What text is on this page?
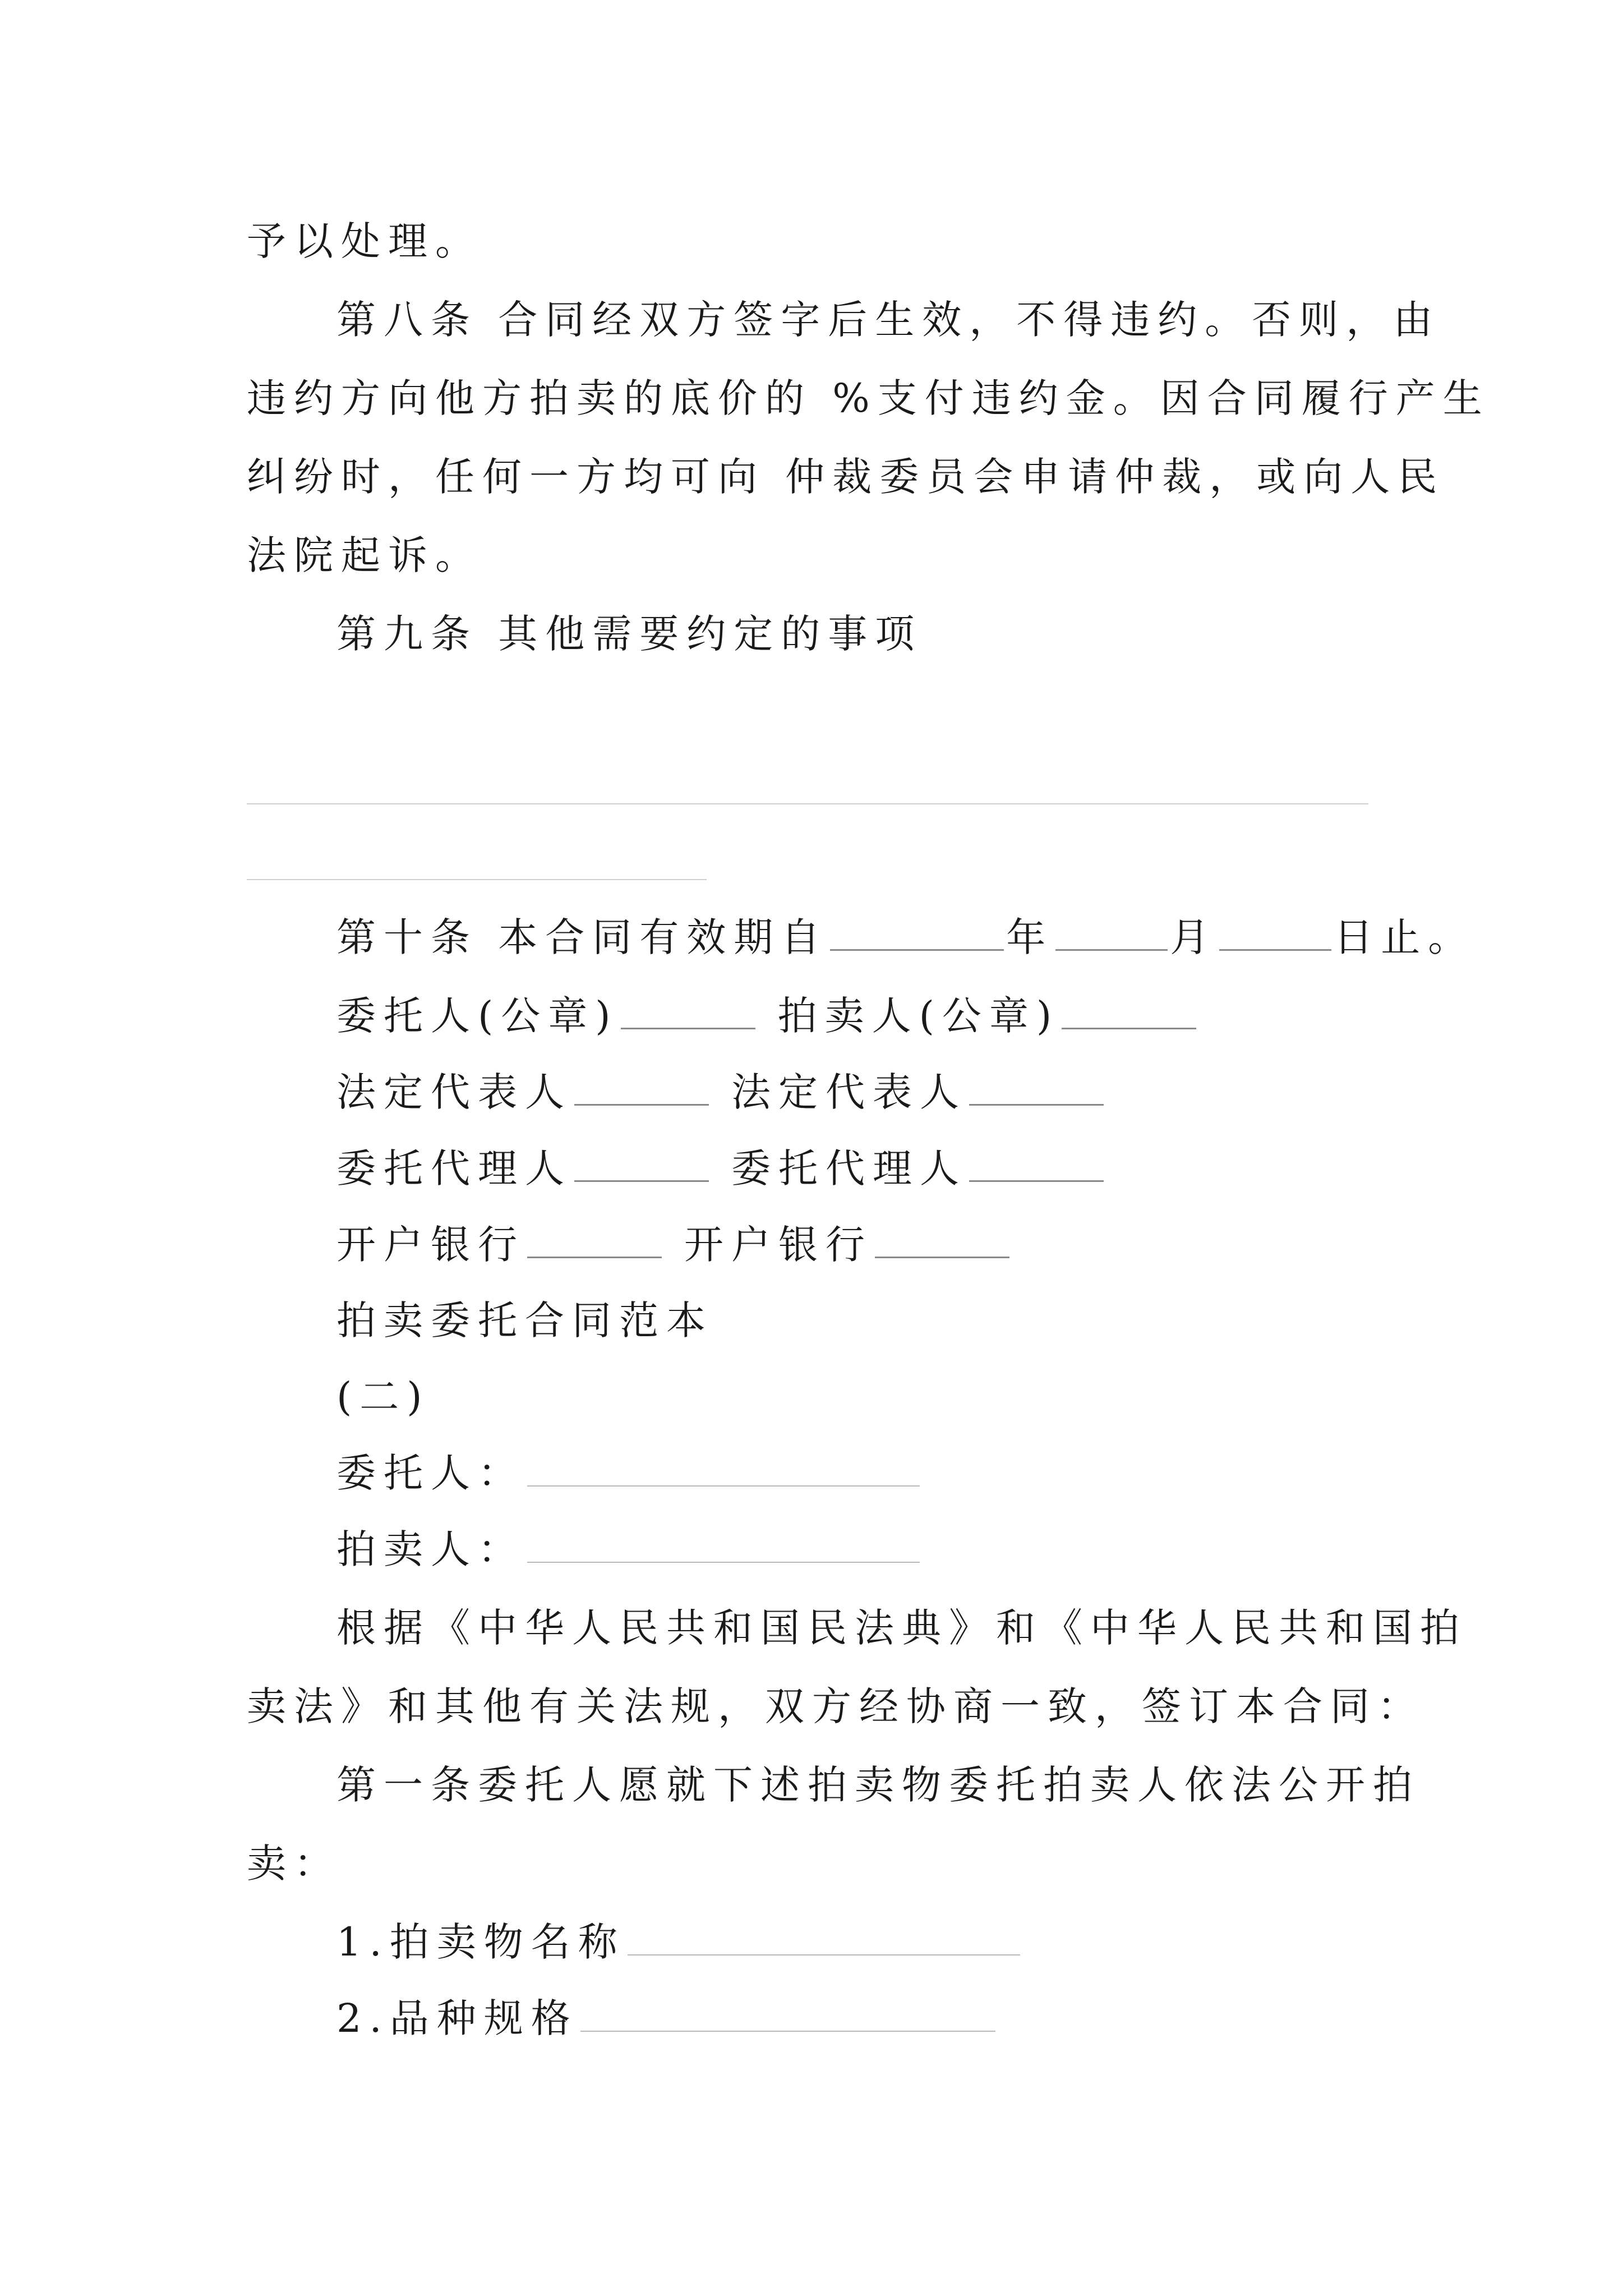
予以处理。
第八条 合同经双方签字后生效，不得违约。否则，由
违约方向他方拍卖的底价的 %支付违约金。因合同履行产生
纠纷时，任何一方均可向 仲裁委员会申请仲裁，或向人民
法院起诉。
第九条 其他需要约定的事项
第十条 本合同有效期自	年	月	日止。
委托人(公章)	拍卖人(公章)
法定代表人	法定代表人
委托代理人	委托代理人
开户银行	开户银行
拍卖委托合同范本
(二)
委托人：
拍卖人：
根据《中华人民共和国民法典》和《中华人民共和国拍
卖法》和其他有关法规，双方经协商一致，签订本合同：
第一条委托人愿就下述拍卖物委托拍卖人依法公开拍
卖：
1.拍卖物名称
2.品种规格
